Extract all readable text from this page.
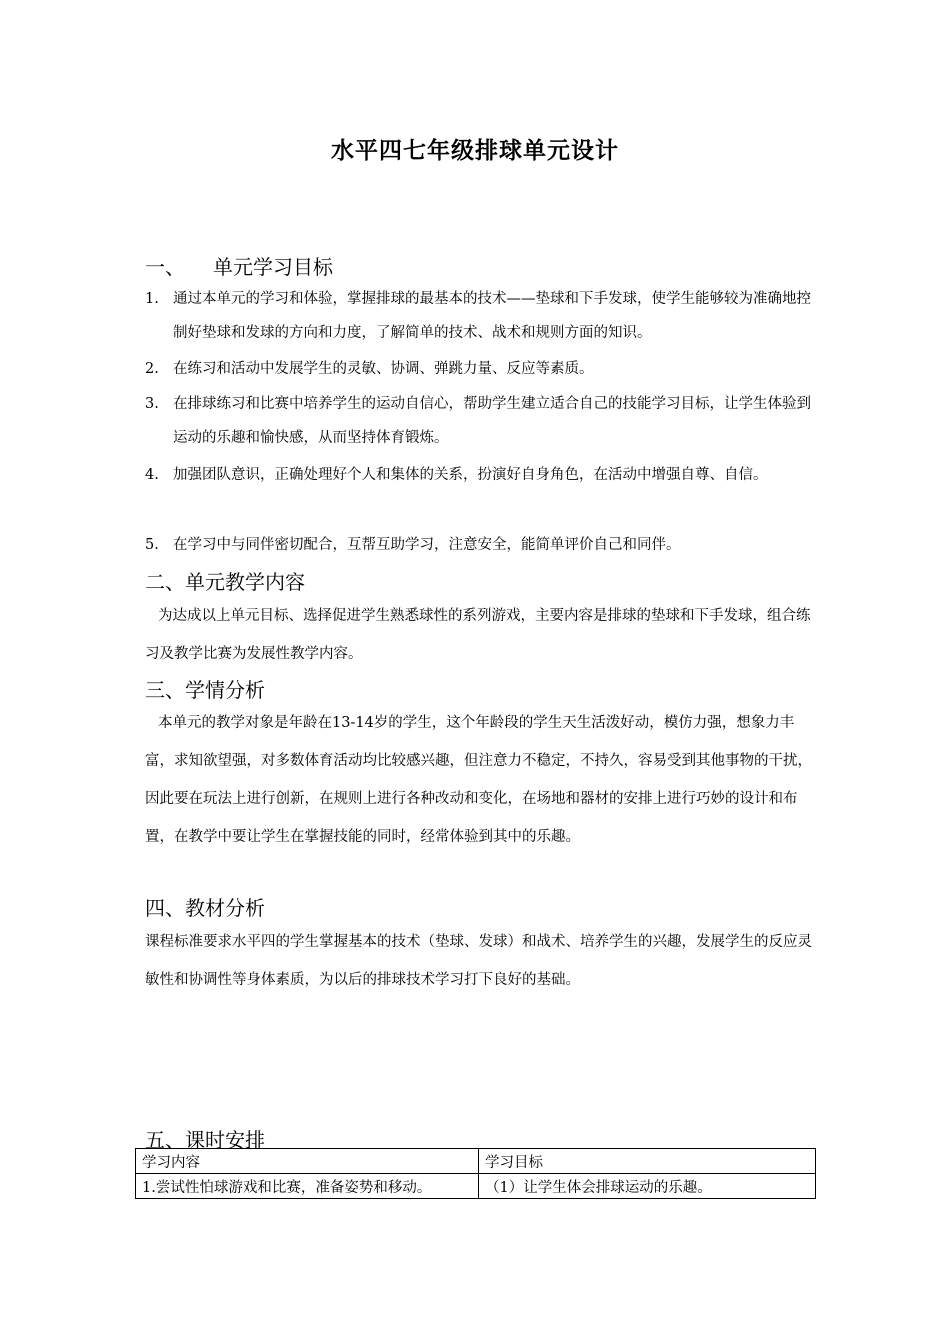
水平四七年级排球单元设计
一、 单元学习目标
1. 通过本单元的学习和体验，掌握排球的最基本的技术——垫球和下手发球，使学生能够较为准确地控制好垫球和发球的方向和力度，了解简单的技术、战术和规则方面的知识。
2. 在练习和活动中发展学生的灵敏、协调、弹跳力量、反应等素质。
3. 在排球练习和比赛中培养学生的运动自信心，帮助学生建立适合自己的技能学习目标，让学生体验到运动的乐趣和愉快感，从而坚持体育锻炼。
4. 加强团队意识，正确处理好个人和集体的关系，扮演好自身角色，在活动中增强自尊、自信。
5. 在学习中与同伴密切配合，互帮互助学习，注意安全，能简单评价自己和同伴。
二、单元教学内容
为达成以上单元目标、选择促进学生熟悉球性的系列游戏，主要内容是排球的垫球和下手发球，组合练习及教学比赛为发展性教学内容。
三、学情分析
本单元的教学对象是年龄在13-14岁的学生，这个年龄段的学生天生活泼好动，模仿力强，想象力丰富，求知欲望强，对多数体育活动均比较感兴趣，但注意力不稳定，不持久，容易受到其他事物的干扰，因此要在玩法上进行创新，在规则上进行各种改动和变化，在场地和器材的安排上进行巧妙的设计和布置，在教学中要让学生在掌握技能的同时，经常体验到其中的乐趣。
四、教材分析
课程标准要求水平四的学生掌握基本的技术（垫球、发球）和战术、培养学生的兴趣，发展学生的反应灵敏性和协调性等身体素质，为以后的排球技术学习打下良好的基础。
五、课时安排
学习内容	学习目标
1.尝试性怕球游戏和比赛，准备姿势和移动。	（1）让学生体会排球运动的乐趣。
